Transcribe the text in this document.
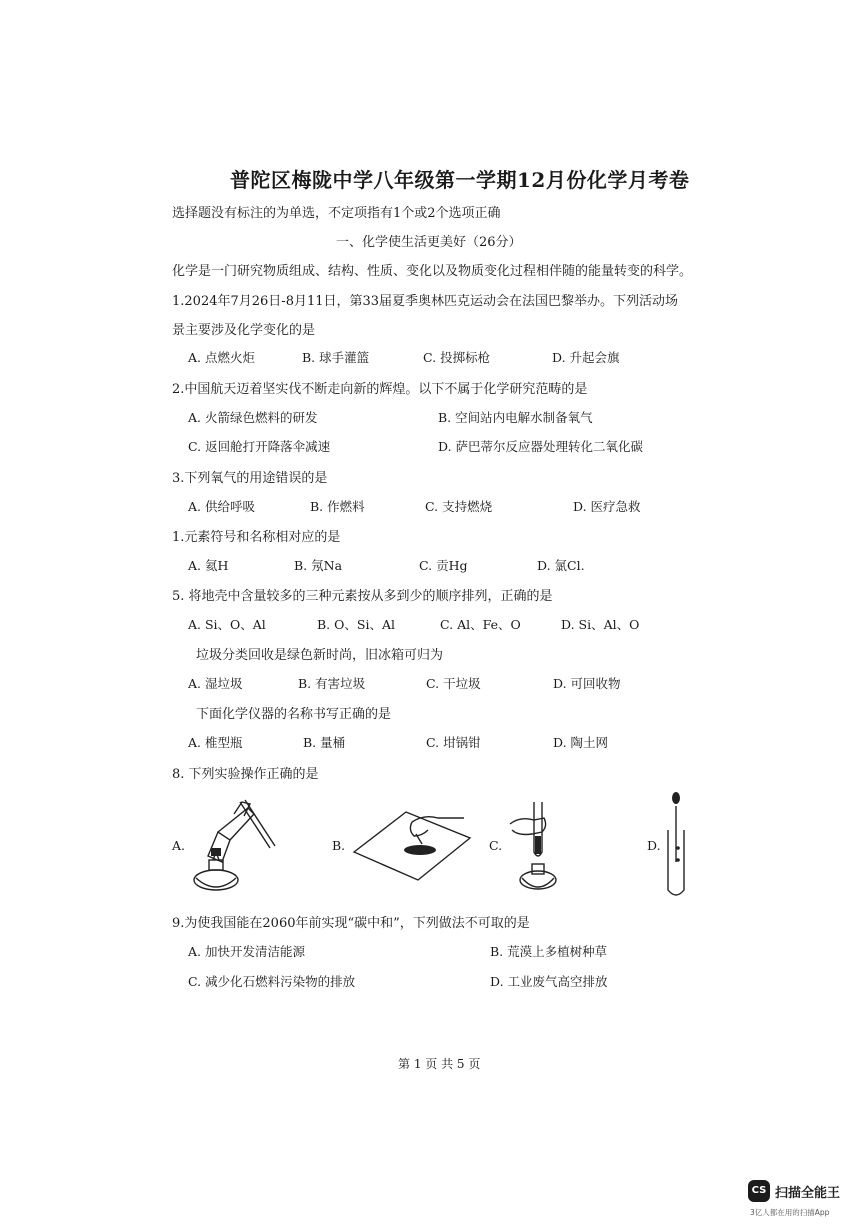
普陀区梅陇中学八年级第一学期12月份化学月考卷
选择题没有标注的为单选，不定项指有1个或2个选项正确
一、化学使生活更美好（26分）
化学是一门研究物质组成、结构、性质、变化以及物质变化过程相伴随的能量转变的科学。
1.2024年7月26日-8月11日，第33届夏季奥林匹克运动会在法国巴黎举办。下列活动场
景主要涉及化学变化的是
A. 点燃火炬	B. 球手灌篮	C. 投掷标枪	D. 升起会旗
2.中国航天迈着坚实伐不断走向新的辉煌。以下不属于化学研究范畴的是
A. 火箭绿色燃料的研发	B. 空间站内电解水制备氧气
C. 返回舱打开降落伞减速	D. 萨巴蒂尔反应器处理转化二氧化碳
3.下列氧气的用途错误的是
A. 供给呼吸	B. 作燃料	C. 支持燃烧	D. 医疗急救
1.元素符号和名称相对应的是
A. 氦H	B. 氖Na	C. 贡Hg	D. 氯Cl.
5. 将地壳中含量较多的三种元素按从多到少的顺序排列，正确的是
A. Si、O、Al	B. O、Si、Al	C. Al、Fe、O	D. Si、Al、O
垃圾分类回收是绿色新时尚，旧冰箱可归为
A. 湿垃圾	B. 有害垃圾	C. 干垃圾	D. 可回收物
下面化学仪器的名称书写正确的是
A. 椎型瓶	B. 量桶	C. 坩锅钳	D. 陶土网
8. 下列实验操作正确的是
A.	B.	C.	D.
9.为使我国能在2060年前实现“碳中和”，下列做法不可取的是
A. 加快开发清洁能源	B. 荒漠上多植树种草
C. 减少化石燃料污染物的排放	D. 工业废气高空排放
第 1 页 共 5 页
CS 扫描全能王
3亿人都在用的扫描App
